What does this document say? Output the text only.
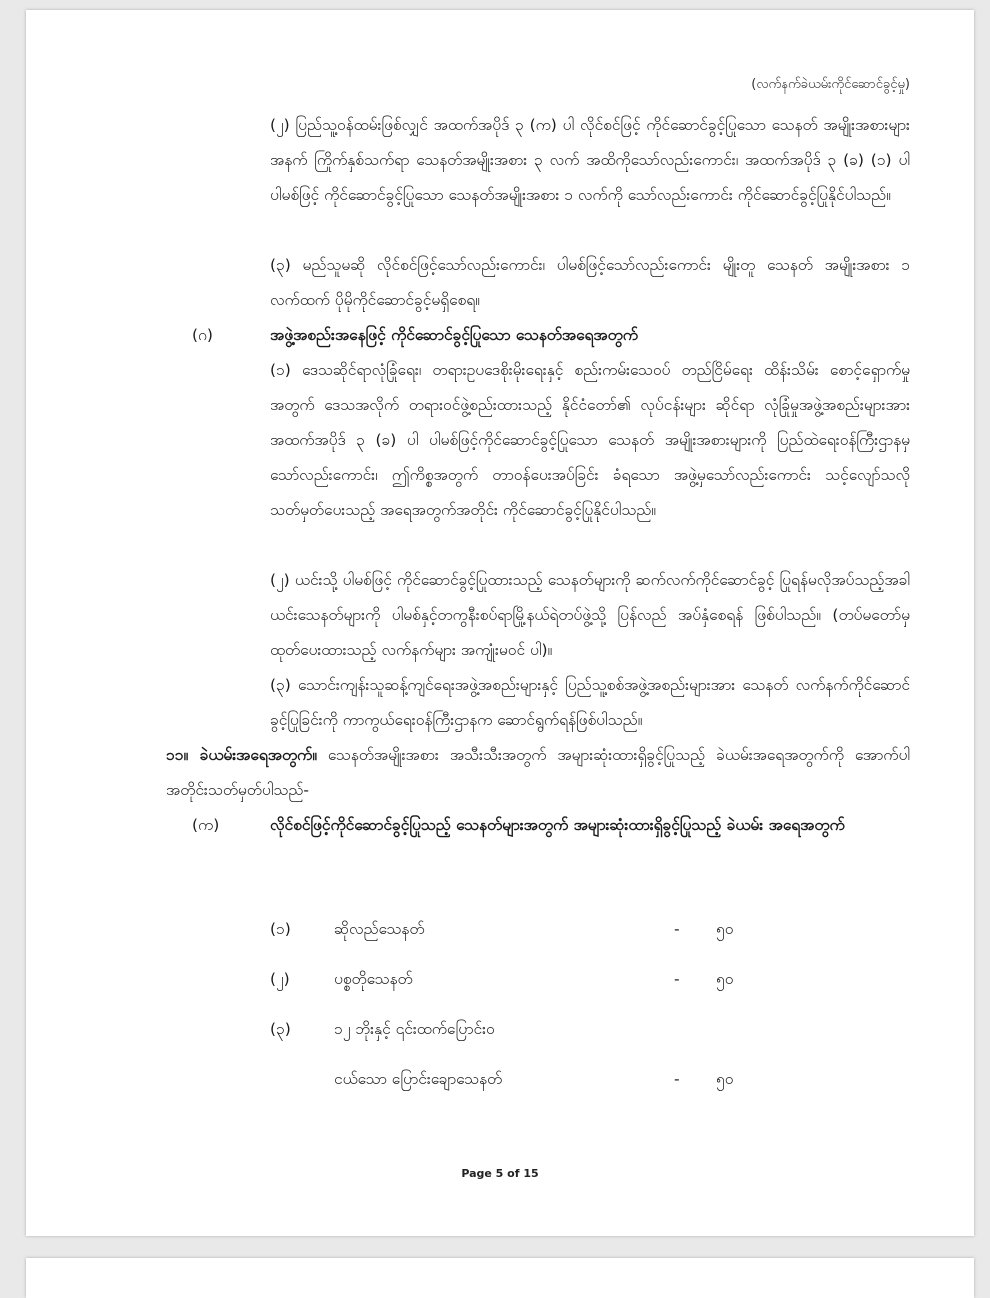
(လက်နက်ခဲယမ်းကိုင်ဆောင်ခွင့်မှု)

(၂) ပြည်သူ့ဝန်ထမ်းဖြစ်လျှင် အထက်အပိုဒ် ၃ (က) ပါ လိုင်စင်ဖြင့် ကိုင်ဆောင်ခွင့်ပြုသော သေနတ် အမျိုးအစားများအနက် ကြိုက်နှစ်သက်ရာ သေနတ်အမျိုးအစား ၃ လက် အထိကိုသော်လည်းကောင်း၊ အထက်အပိုဒ် ၃ (ခ) (၁) ပါ ပါမစ်ဖြင့် ကိုင်ဆောင်ခွင့်ပြုသော သေနတ်အမျိုးအစား ၁ လက်ကို သော်လည်းကောင်း ကိုင်ဆောင်ခွင့်ပြုနိုင်ပါသည်။

(၃) မည်သူမဆို လိုင်စင်ဖြင့်သော်လည်းကောင်း၊ ပါမစ်ဖြင့်သော်လည်းကောင်း မျိုးတူ သေနတ် အမျိုးအစား ၁ လက်ထက် ပိုမိုကိုင်ဆောင်ခွင့်မရှိစေရ။

(ဂ)	အဖွဲ့အစည်းအနေဖြင့် ကိုင်ဆောင်ခွင့်ပြုသော သေနတ်အရေအတွက်

(၁) ဒေသဆိုင်ရာလုံခြုံရေး၊ တရားဥပဒေစိုးမိုးရေးနှင့် စည်းကမ်းသေဝပ် တည်ငြိမ်ရေး ထိန်းသိမ်း စောင့်ရှောက်မှုအတွက် ဒေသအလိုက် တရားဝင်ဖွဲ့စည်းထားသည့် နိုင်ငံတော်၏ လုပ်ငန်းများ ဆိုင်ရာ လုံခြုံမှုအဖွဲ့အစည်းများအား အထက်အပိုဒ် ၃ (ခ) ပါ ပါမစ်ဖြင့်ကိုင်ဆောင်ခွင့်ပြုသော သေနတ် အမျိုးအစားများကို ပြည်ထဲရေးဝန်ကြီးဌာနမှသော်လည်းကောင်း၊ ဤကိစ္စအတွက် တာဝန်ပေးအပ်ခြင်း ခံရသော အဖွဲ့မှသော်လည်းကောင်း သင့်လျော်သလို သတ်မှတ်ပေးသည့် အရေအတွက်အတိုင်း ကိုင်ဆောင်ခွင့်ပြုနိုင်ပါသည်။

(၂) ယင်းသို့ ပါမစ်ဖြင့် ကိုင်ဆောင်ခွင့်ပြုထားသည့် သေနတ်များကို ဆက်လက်ကိုင်ဆောင်ခွင့် ပြုရန်မလိုအပ်သည့်အခါယင်းသေနတ်များကို ပါမစ်နှင့်တကွနီးစပ်ရာမြို့နယ်ရဲတပ်ဖွဲ့သို့ ပြန်လည် အပ်နှံစေရန် ဖြစ်ပါသည်။ (တပ်မတော်မှထုတ်ပေးထားသည့် လက်နက်များ အကျုံးမဝင် ပါ)။

(၃) သောင်းကျန်းသူဆန့်ကျင်ရေးအဖွဲ့အစည်းများနှင့် ပြည်သူ့စစ်အဖွဲ့အစည်းများအား သေနတ် လက်နက်ကိုင်ဆောင်ခွင့်ပြုခြင်းကို ကာကွယ်ရေးဝန်ကြီးဌာနက ဆောင်ရွက်ရန်ဖြစ်ပါသည်။

၁၁။ ခဲယမ်းအရေအတွက်။ သေနတ်အမျိုးအစား အသီးသီးအတွက် အများဆုံးထားရှိခွင့်ပြုသည့် ခဲယမ်းအရေအတွက်ကို အောက်ပါအတိုင်းသတ်မှတ်ပါသည်-
(က)	လိုင်စင်ဖြင့်ကိုင်ဆောင်ခွင့်ပြုသည့် သေနတ်များအတွက် အများဆုံးထားရှိခွင့်ပြုသည့် ခဲယမ်း အရေအတွက်
(၁)	ဆိုလည်သေနတ်	- ၅၀
(၂)	ပစ္စတိုသေနတ်	- ၅၀
(၃)	၁၂ ဘိုးနှင့် ၎င်းထက်ပြောင်းဝ
ငယ်သော ပြောင်းချောသေနတ်	- ၅၀
Page 5 of 15
